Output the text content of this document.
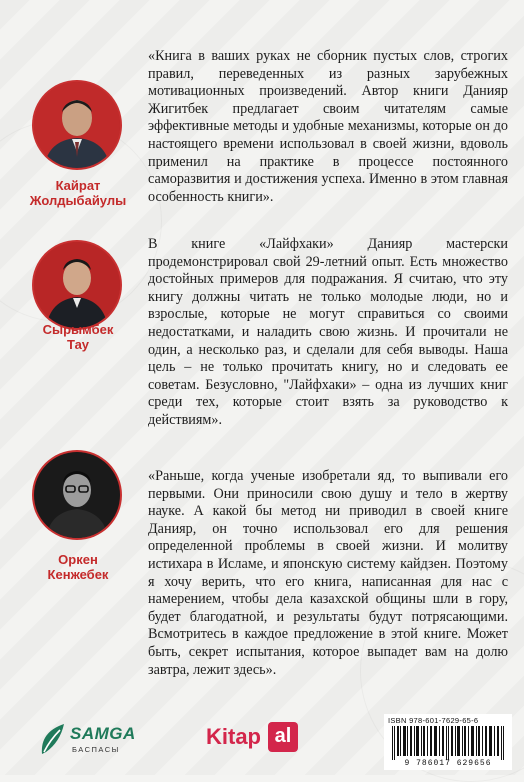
Кайрат
Жолдыбайулы

«Книга в ваших руках не сборник пустых слов, строгих правил, переведенных из разных зарубежных мотивационных произведений. Автор книги Данияр Жигитбек предлагает своим читателям самые эффективные методы и удобные механизмы, которые он до настоящего времени использовал в своей жизни, вдоволь применил на практике в процессе постоянного саморазвития и достижения успеха. Именно в этом главная особенность книги».

Сырымбек
Тау

В книге «Лайфхаки» Данияр мастерски продемонстрировал свой 29-летний опыт. Есть множество достойных примеров для подражания. Я считаю, что эту книгу должны читать не только молодые люди, но и взрослые, которые не могут справиться со своими недостатками, и наладить свою жизнь. И прочитали не один, а несколько раз, и сделали для себя выводы. Наша цель – не только прочитать книгу, но и следовать ее советам. Безусловно, "Лайфхаки» – одна из лучших книг среди тех, которые стоит взять за руководство к действиям».

Оркен
Кенжебек

«Раньше, когда ученые изобретали яд, то выпивали его первыми. Они приносили свою душу и тело в жертву науке. А какой бы метод ни приводил в своей книге Данияр, он точно использовал его для решения определенной проблемы в своей жизни. И молитву истихара в Исламе, и японскую систему кайдзен. Поэтому я хочу верить, что его книга, написанная для нас с намерением, чтобы дела казахской общины шли в гору, будет благодатной, и результаты будут потрясающими. Всмотритесь в каждое предложение в этой книге. Может быть, секрет испытания, которое выпадет вам на долю завтра, лежит здесь».

SAMGA
БАСПАСЫ
Kitap al
ISBN 978-601-7629-65-6
9 786017 629656
